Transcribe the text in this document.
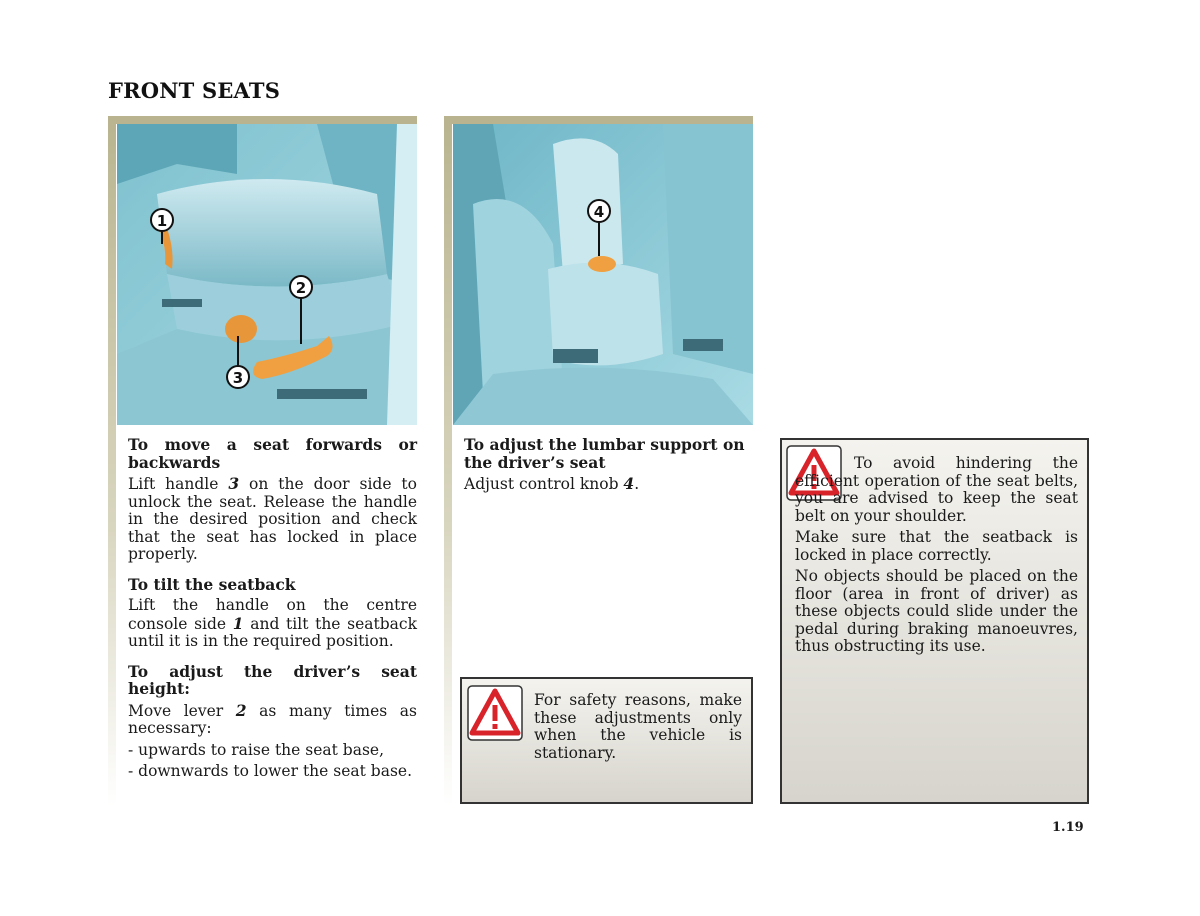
FRONT SEATS
1
2
3
4

To move a seat forwards or backwards

Lift handle 3 on the door side to unlock the seat. Release the handle in the desired position and check that the seat has locked in place properly.

To tilt the seatback

Lift the handle on the centre console side 1 and tilt the seatback until it is in the required position.

To adjust the driver’s seat height:

Move lever 2 as many times as necessary:

- upwards to raise the seat base,

- downwards to lower the seat base.

To adjust the lumbar support on the driver’s seat

Adjust control knob 4.

For safety reasons, make these adjustments only when the vehicle is stationary.

To avoid hindering the efficient operation of the seat belts, you are advised to keep the seat belt on your shoulder.

Make sure that the seatback is locked in place correctly.

No objects should be placed on the floor (area in front of driver) as these objects could slide under the pedal during braking manoeuvres, thus obstructing its use.

1.19
